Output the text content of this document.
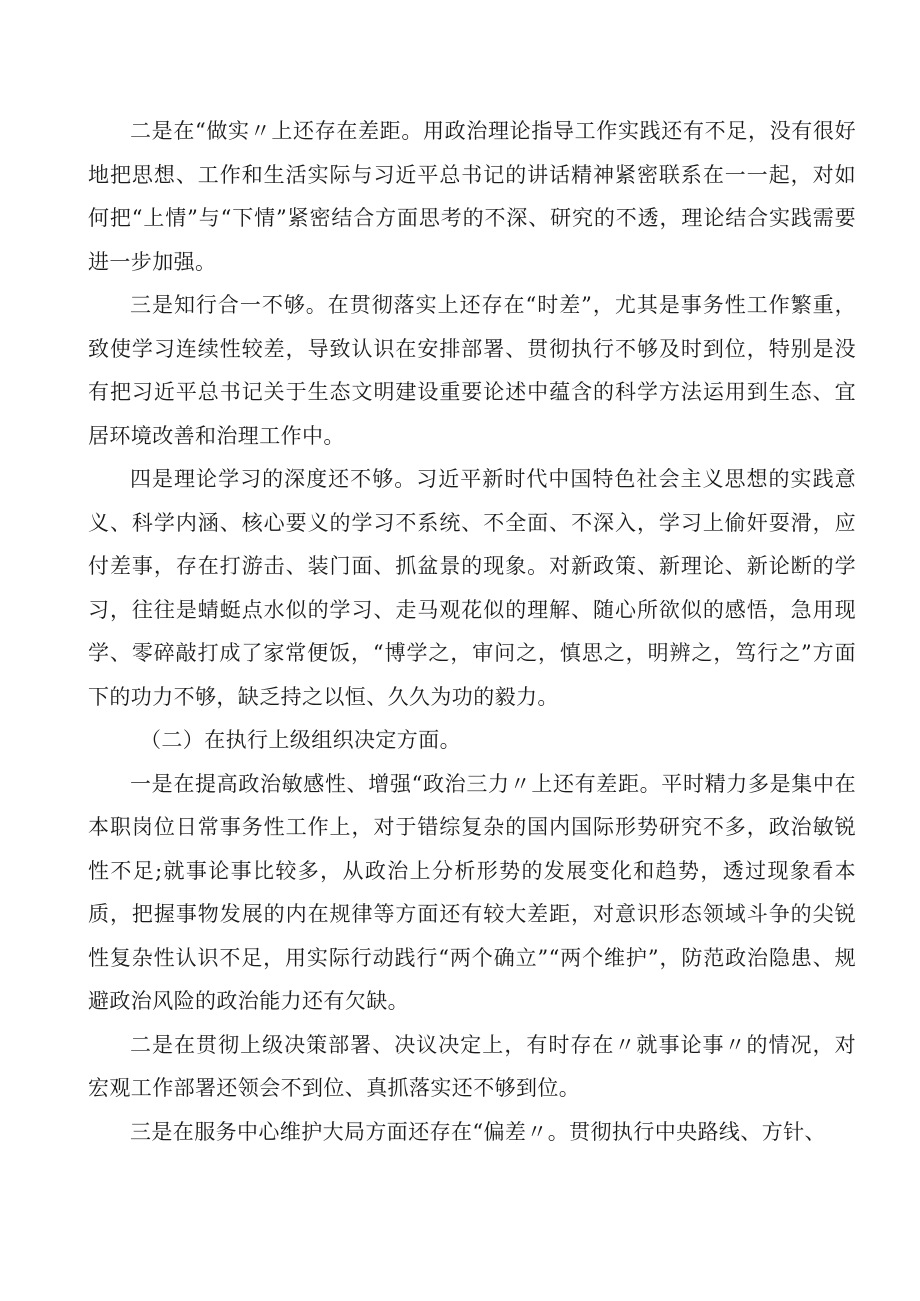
二是在“做实〃上还存在差距。用政治理论指导工作实践还有不足，没有很好地把思想、工作和生活实际与习近平总书记的讲话精神紧密联系在一一起，对如何把“上情”与“下情”紧密结合方面思考的不深、研究的不透，理论结合实践需要进一步加强。

三是知行合一不够。在贯彻落实上还存在“时差”，尤其是事务性工作繁重，致使学习连续性较差，导致认识在安排部署、贯彻执行不够及时到位，特别是没有把习近平总书记关于生态文明建设重要论述中蕴含的科学方法运用到生态、宜居环境改善和治理工作中。

四是理论学习的深度还不够。习近平新时代中国特色社会主义思想的实践意义、科学内涵、核心要义的学习不系统、不全面、不深入，学习上偷奸耍滑，应付差事，存在打游击、装门面、抓盆景的现象。对新政策、新理论、新论断的学习，往往是蜻蜓点水似的学习、走马观花似的理解、随心所欲似的感悟，急用现学、零碎敲打成了家常便饭，“博学之，审问之，慎思之，明辨之，笃行之”方面下的功力不够，缺乏持之以恒、久久为功的毅力。

（二）在执行上级组织决定方面。

一是在提高政治敏感性、增强“政治三力〃上还有差距。平时精力多是集中在本职岗位日常事务性工作上，对于错综复杂的国内国际形势研究不多，政治敏锐性不足;就事论事比较多，从政治上分析形势的发展变化和趋势，透过现象看本质，把握事物发展的内在规律等方面还有较大差距，对意识形态领域斗争的尖锐性复杂性认识不足，用实际行动践行“两个确立”“两个维护”，防范政治隐患、规避政治风险的政治能力还有欠缺。

二是在贯彻上级决策部署、决议决定上，有时存在〃就事论事〃的情况，对宏观工作部署还领会不到位、真抓落实还不够到位。

三是在服务中心维护大局方面还存在“偏差〃。贯彻执行中央路线、方针、
